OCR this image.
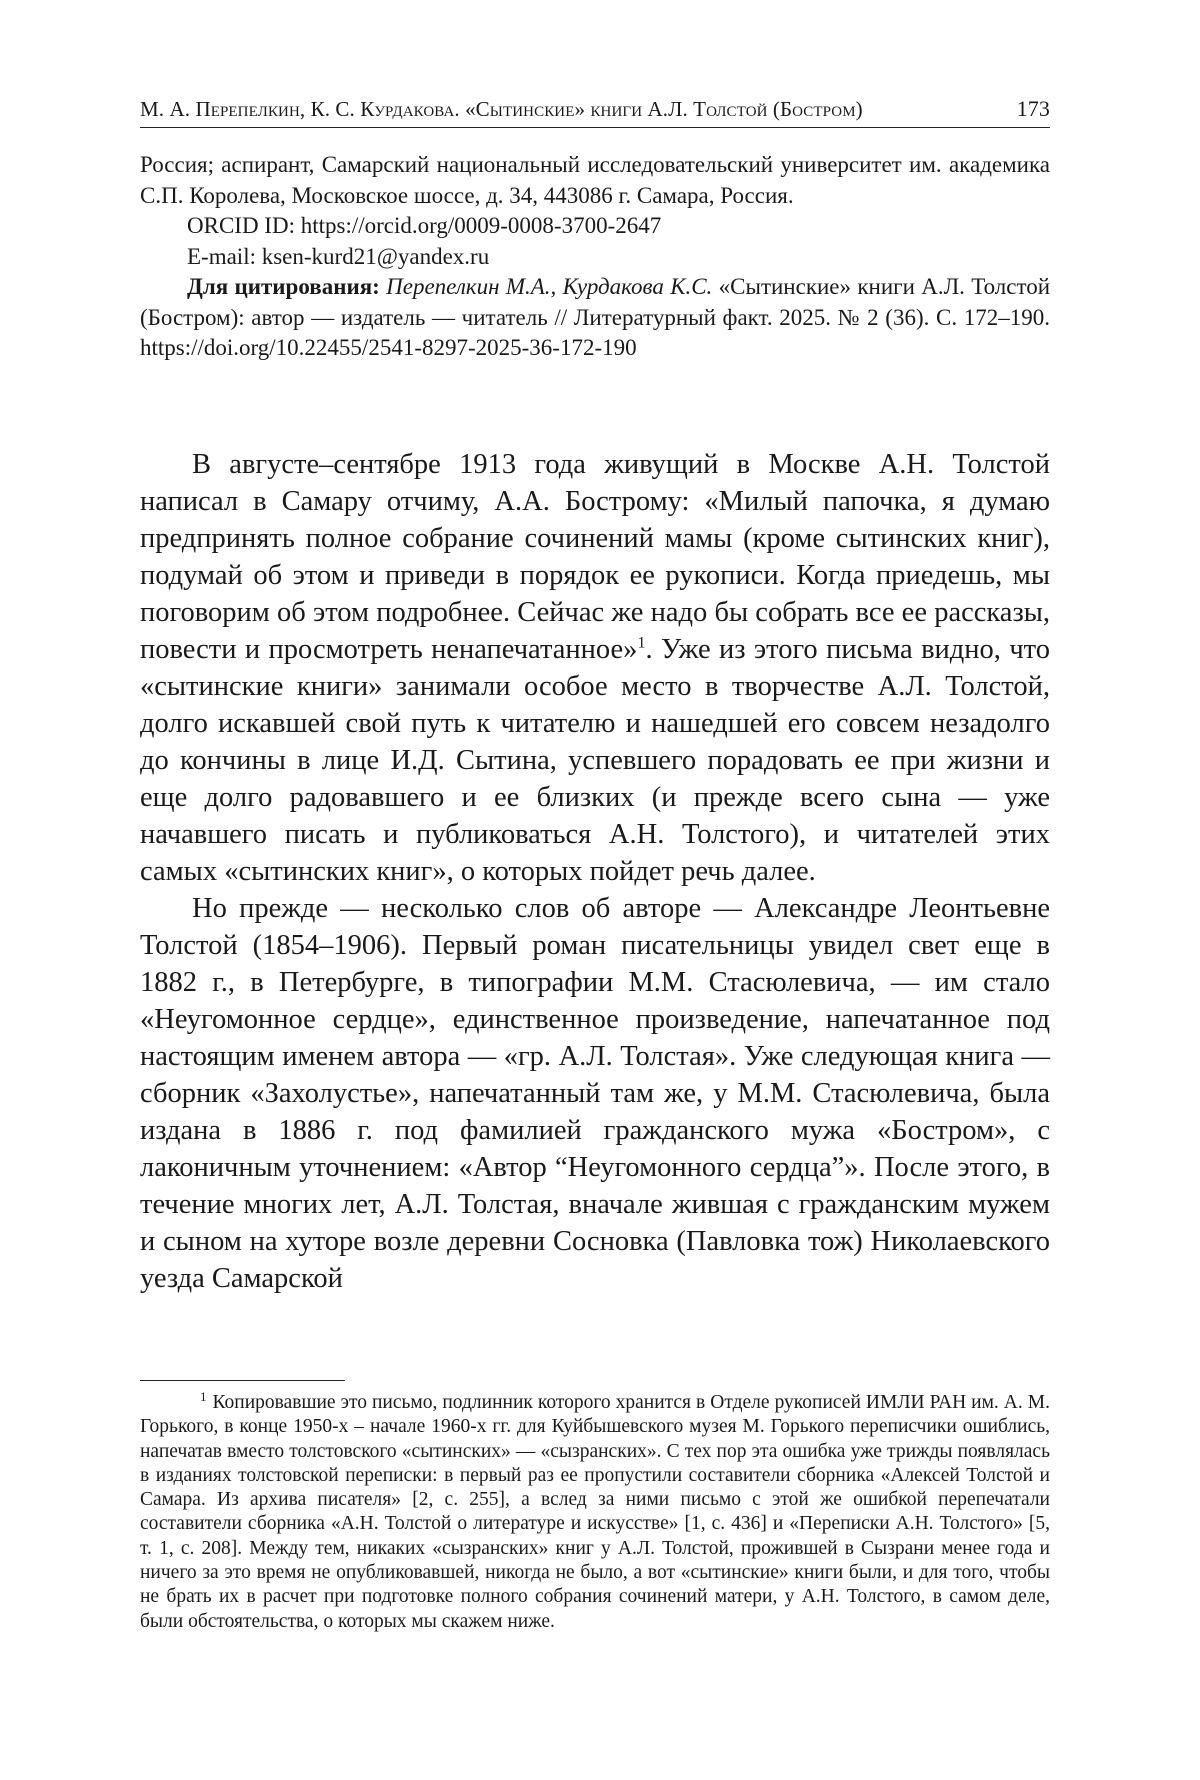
М. А. Перепелкин, К. С. Курдакова. «Сытинские» книги А.Л. Толстой (Бостром)	173

Россия; аспирант, Самарский национальный исследовательский университет им. академика С.П. Королева, Московское шоссе, д. 34, 443086 г. Самара, Россия.

ORCID ID: https://orcid.org/0009-0008-3700-2647

E-mail: ksen-kurd21@yandex.ru

Для цитирования: Перепелкин М.А., Курдакова К.С. «Сытинские» книги А.Л. Толстой (Бостром): автор — издатель — читатель // Литературный факт. 2025. № 2 (36). С. 172–190. https://doi.org/10.22455/2541-8297-2025-36-172-190

В августе–сентябре 1913 года живущий в Москве А.Н. Толстой написал в Самару отчиму, А.А. Бострому: «Милый папочка, я думаю предпринять полное собрание сочинений мамы (кроме сытинских книг), подумай об этом и приведи в порядок ее рукописи. Когда приедешь, мы поговорим об этом подробнее. Сейчас же надо бы собрать все ее рассказы, повести и просмотреть ненапечатанное»$^1$. Уже из этого письма видно, что «сытинские книги» занимали особое место в творчестве А.Л. Толстой, долго искавшей свой путь к читателю и нашедшей его совсем незадолго до кончины в лице И.Д. Сытина, успевшего порадовать ее при жизни и еще долго радовавшего и ее близких (и прежде всего сына — уже начавшего писать и публиковаться А.Н. Толстого), и читателей этих самых «сытинских книг», о которых пойдет речь далее.

Но прежде — несколько слов об авторе — Александре Леонтьевне Толстой (1854–1906). Первый роман писательницы увидел свет еще в 1882 г., в Петербурге, в типографии М.М. Стасюлевича, — им стало «Неугомонное сердце», единственное произведение, напечатанное под настоящим именем автора — «гр. А.Л. Толстая». Уже следующая книга — сборник «Захолустье», напечатанный там же, у М.М. Стасюлевича, была издана в 1886 г. под фамилией гражданского мужа «Бостром», с лаконичным уточнением: «Автор “Неугомонного сердца”». После этого, в течение многих лет, А.Л. Толстая, вначале жившая с гражданским мужем и сыном на хуторе возле деревни Сосновка (Павловка тож) Николаевского уезда Самарской

$^1$ Копировавшие это письмо, подлинник которого хранится в Отделе рукописей ИМЛИ РАН им. А. М. Горького, в конце 1950-х – начале 1960-х гг. для Куйбышевского музея М. Горького переписчики ошиблись, напечатав вместо толстовского «сытинских» — «сызранских». С тех пор эта ошибка уже трижды появлялась в изданиях толстовской переписки: в первый раз ее пропустили составители сборника «Алексей Толстой и Самара. Из архива писателя» [2, с. 255], а вслед за ними письмо с этой же ошибкой перепечатали составители сборника «А.Н. Толстой о литературе и искусстве» [1, с. 436] и «Переписки А.Н. Толстого» [5, т. 1, с. 208]. Между тем, никаких «сызранских» книг у А.Л. Толстой, прожившей в Сызрани менее года и ничего за это время не опубликовавшей, никогда не было, а вот «сытинские» книги были, и для того, чтобы не брать их в расчет при подготовке полного собрания сочинений матери, у А.Н. Толстого, в самом деле, были обстоятельства, о которых мы скажем ниже.
